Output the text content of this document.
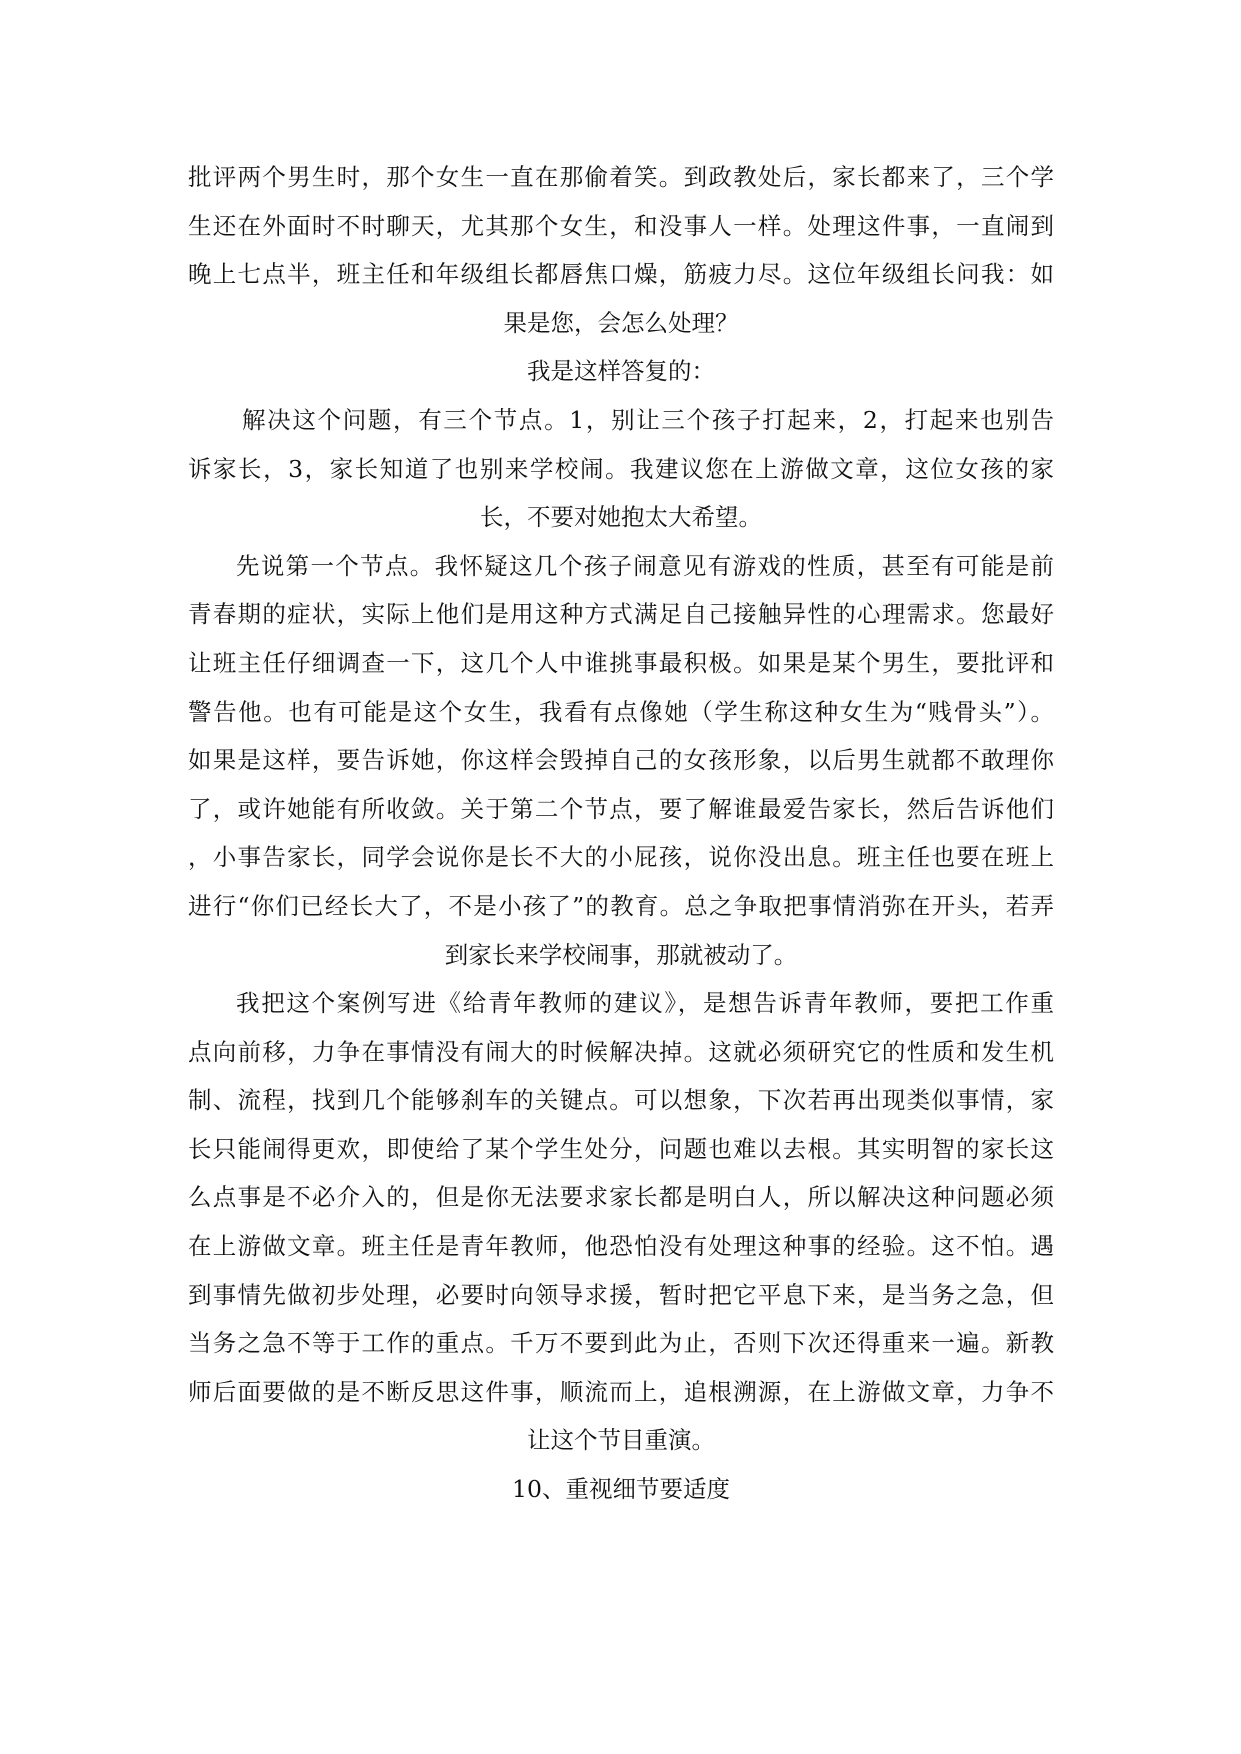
批评两个男生时，那个女生一直在那偷着笑。到政教处后，家长都来了，三个学
生还在外面时不时聊天，尤其那个女生，和没事人一样。处理这件事，一直闹到
晚上七点半，班主任和年级组长都唇焦口燥，筋疲力尽。这位年级组长问我：如
果是您，会怎么处理？
我是这样答复的：
解决这个问题，有三个节点。1，别让三个孩子打起来，2，打起来也别告
诉家长，3，家长知道了也别来学校闹。我建议您在上游做文章，这位女孩的家
长，不要对她抱太大希望。
先说第一个节点。我怀疑这几个孩子闹意见有游戏的性质，甚至有可能是前
青春期的症状，实际上他们是用这种方式满足自己接触异性的心理需求。您最好
让班主任仔细调查一下，这几个人中谁挑事最积极。如果是某个男生，要批评和
警告他。也有可能是这个女生，我看有点像她（学生称这种女生为“贱骨头”）。
如果是这样，要告诉她，你这样会毁掉自己的女孩形象，以后男生就都不敢理你
了，或许她能有所收敛。关于第二个节点，要了解谁最爱告家长，然后告诉他们
，小事告家长，同学会说你是长不大的小屁孩，说你没出息。班主任也要在班上
进行“你们已经长大了，不是小孩了”的教育。总之争取把事情消弥在开头，若弄
到家长来学校闹事，那就被动了。
我把这个案例写进《给青年教师的建议》，是想告诉青年教师，要把工作重
点向前移，力争在事情没有闹大的时候解决掉。这就必须研究它的性质和发生机
制、流程，找到几个能够刹车的关键点。可以想象，下次若再出现类似事情，家
长只能闹得更欢，即使给了某个学生处分，问题也难以去根。其实明智的家长这
么点事是不必介入的，但是你无法要求家长都是明白人，所以解决这种问题必须
在上游做文章。班主任是青年教师，他恐怕没有处理这种事的经验。这不怕。遇
到事情先做初步处理，必要时向领导求援，暂时把它平息下来，是当务之急，但
当务之急不等于工作的重点。千万不要到此为止，否则下次还得重来一遍。新教
师后面要做的是不断反思这件事，顺流而上，追根溯源，在上游做文章，力争不
让这个节目重演。
10、重视细节要适度
